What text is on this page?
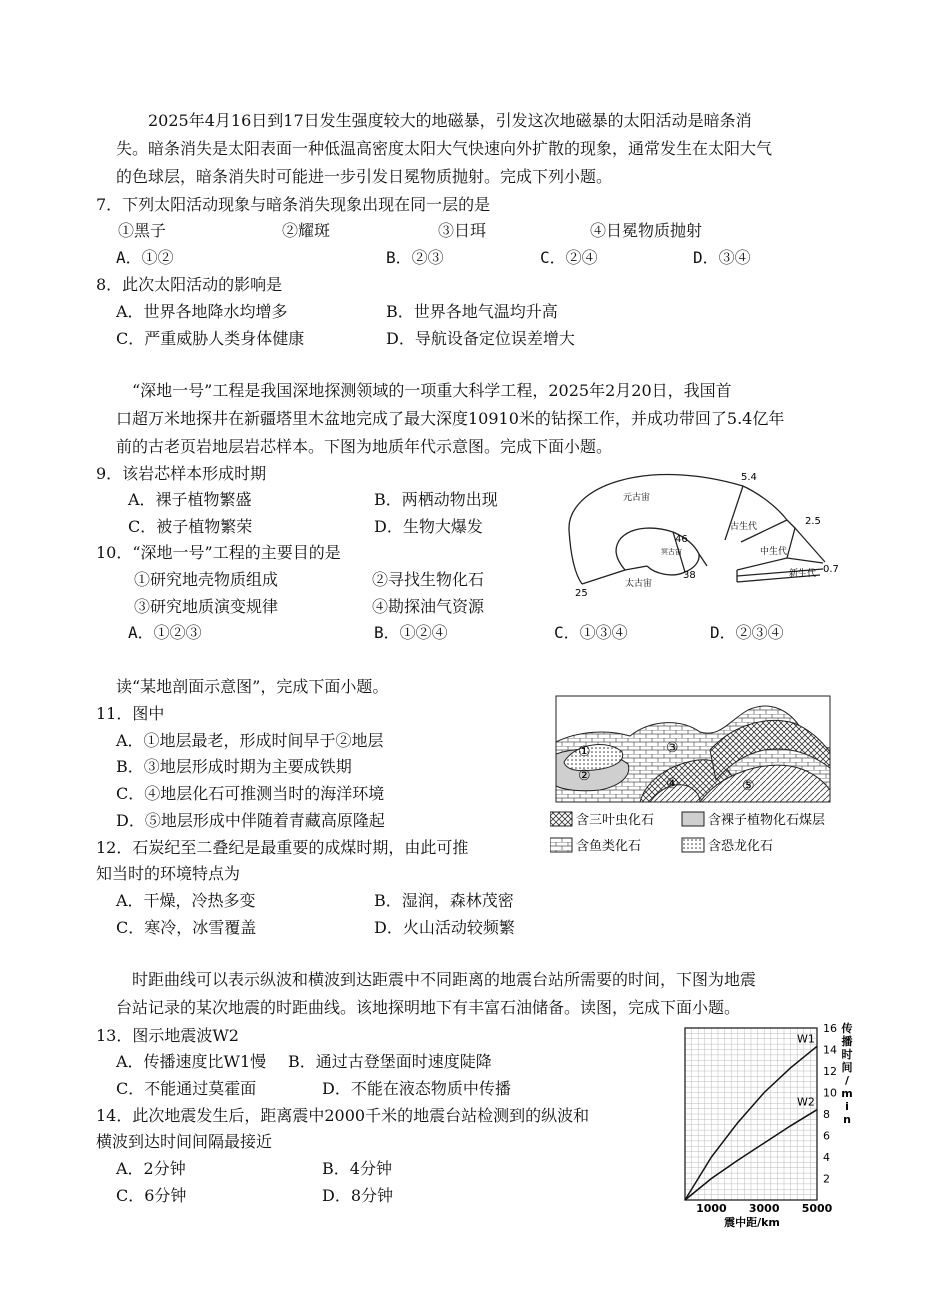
2025年4月16日到17日发生强度较大的地磁暴，引发这次地磁暴的太阳活动是暗条消
失。暗条消失是太阳表面一种低温高密度太阳大气快速向外扩散的现象，通常发生在太阳大气
的色球层，暗条消失时可能进一步引发日冕物质抛射。完成下列小题。
7．下列太阳活动现象与暗条消失现象出现在同一层的是
①黑子	②耀斑	③日珥	④日冕物质抛射
A．①②	B．②③	C．②④	D．③④
8．此次太阳活动的影响是
A．世界各地降水均增多	B．世界各地气温均升高
C．严重威胁人类身体健康	D．导航设备定位误差增大
“深地一号”工程是我国深地探测领域的一项重大科学工程，2025年2月20日，我国首
口超万米地探井在新疆塔里木盆地完成了最大深度10910米的钻探工作，并成功带回了5.4亿年
前的古老页岩地层岩芯样本。下图为地质年代示意图。完成下面小题。
9．该岩芯样本形成时期
A．裸子植物繁盛	B．两栖动物出现
C．被子植物繁荣	D．生物大爆发
10．“深地一号”工程的主要目的是
①研究地壳物质组成	②寻找生物化石
③研究地质演变规律	④勘探油气资源
A．①②③	B．①②④	C．①③④	D．②③④
元古宙
古生代
中生代
新生代
太古宙
冥古宙
5.4
2.5
0.7
46
38
25
读“某地剖面示意图”，完成下面小题。
11．图中
A．①地层最老，形成时间早于②地层
B．③地层形成时期为主要成铁期
C．④地层化石可推测当时的海洋环境
D．⑤地层形成中伴随着青藏高原隆起
①
②
③
④	⑤
含三叶虫化石	含裸子植物化石煤层
含鱼类化石	含恐龙化石
12．石炭纪至二叠纪是最重要的成煤时期，由此可推
知当时的环境特点为
A．干燥，冷热多变	B．湿润，森林茂密
C．寒冷，冰雪覆盖	D．火山活动较频繁
时距曲线可以表示纵波和横波到达距震中不同距离的地震台站所需要的时间，下图为地震
台站记录的某次地震的时距曲线。该地探明地下有丰富石油储备。读图，完成下面小题。
13．图示地震波W2
A．传播速度比W1慢 B．通过古登堡面时速度陡降
C．不能通过莫霍面	D．不能在液态物质中传播
14．此次地震发生后，距离震中2000千米的地震台站检测到的纵波和
横波到达时间间隔最接近
A．2分钟	B．4分钟
C．6分钟	D．8分钟
W1
W2
1000 3000 5000
2
4
6
8
10
12
14
16
震中距/km
传
播
时
间
/
m
i
n
